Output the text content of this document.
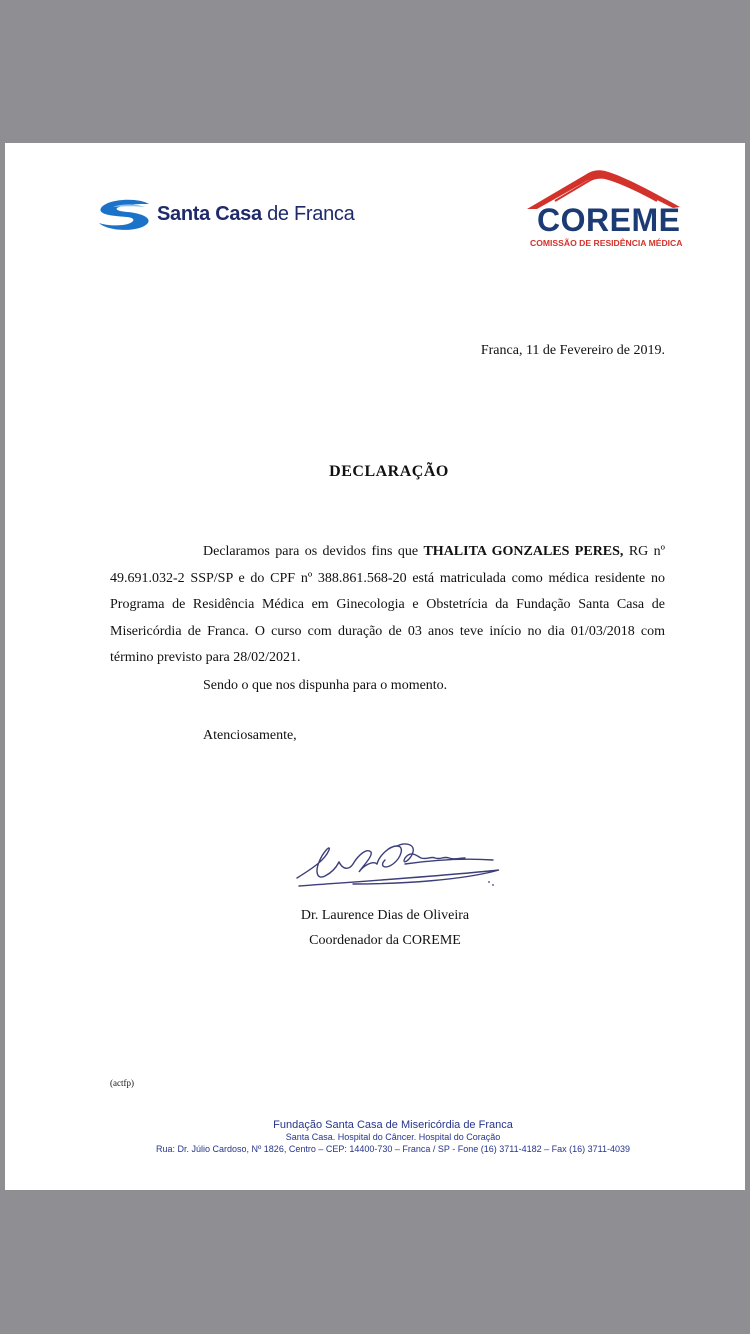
Santa Casa de Franca	COREME
COMISSÃO DE RESIDÊNCIA MÉDICA
Franca, 11 de Fevereiro de 2019.
DECLARAÇÃO

Declaramos para os devidos fins que THALITA GONZALES PERES, RG nº 49.691.032-2 SSP/SP e do CPF nº 388.861.568-20 está matriculada como médica residente no Programa de Residência Médica em Ginecologia e Obstetrícia da Fundação Santa Casa de Misericórdia de Franca. O curso com duração de 03 anos teve início no dia 01/03/2018 com término previsto para 28/02/2021.

Sendo o que nos dispunha para o momento.
Atenciosamente,
Dr. Laurence Dias de Oliveira
Coordenador da COREME
(actfp)
Fundação Santa Casa de Misericórdia de Franca
Santa Casa. Hospital do Câncer. Hospital do Coração
Rua: Dr. Júlio Cardoso, Nº 1826, Centro – CEP: 14400-730 – Franca / SP - Fone (16) 3711-4182 – Fax (16) 3711-4039
